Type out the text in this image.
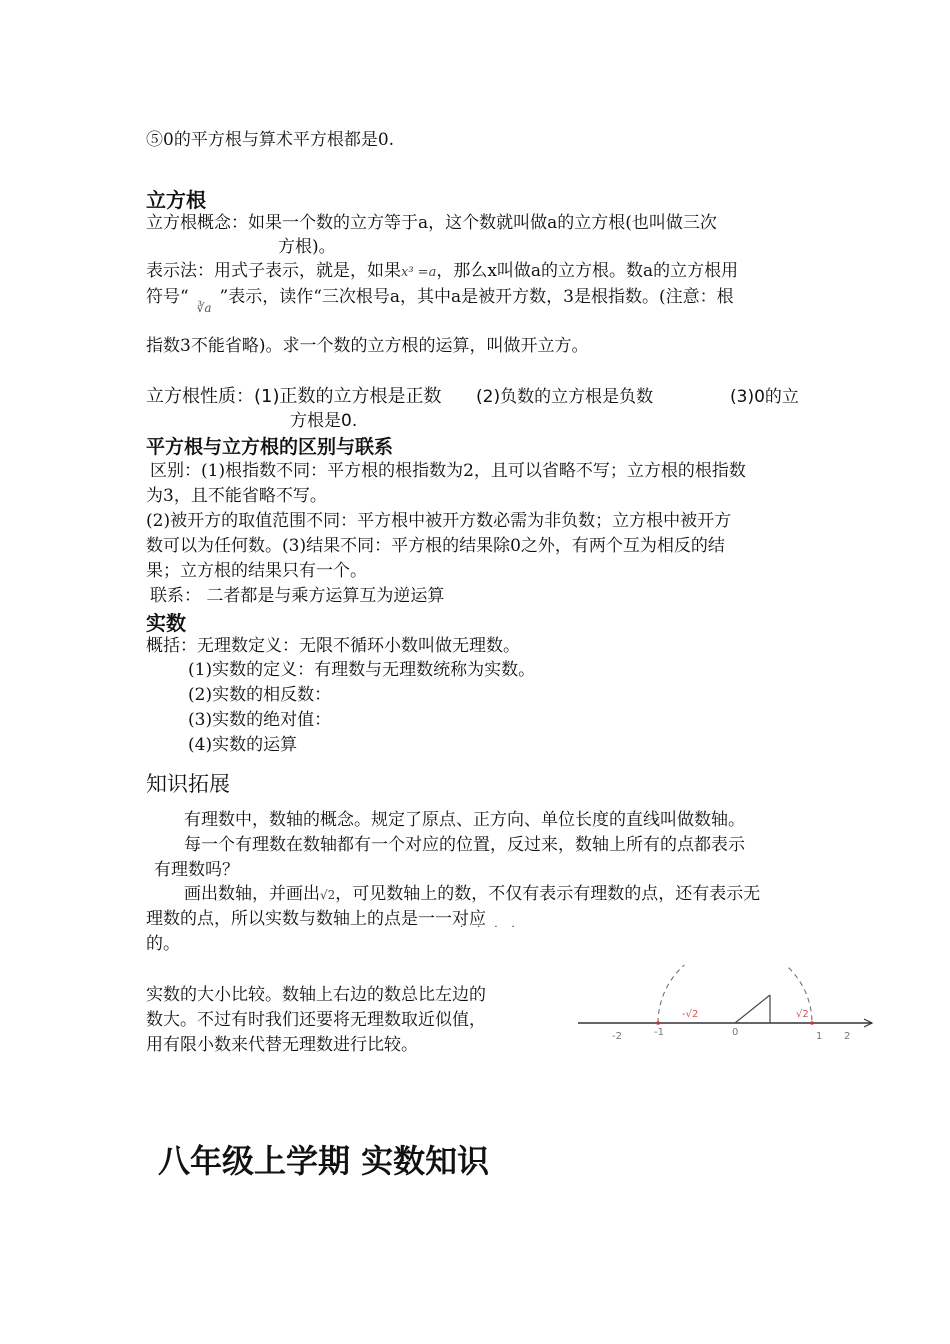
⑤0的平方根与算术平方根都是0.
立方根
立方根概念：如果一个数的立方等于a，这个数就叫做a的立方根(也叫做三次
方根)。
表示法：用式子表示，就是，如果x³ =a，那么x叫做a的立方根。数a的立方根用
符号“∛a”表示，读作“三次根号a，其中a是被开方数，3是根指数。(注意：根
指数3不能省略)。求一个数的立方根的运算，叫做开立方。
立方根性质：(1)正数的立方根是正数 (2)负数的立方根是负数	(3)0的立
方根是0.
平方根与立方根的区别与联系
区别：(1)根指数不同：平方根的根指数为2，且可以省略不写；立方根的根指数
为3，且不能省略不写。
(2)被开方的取值范围不同：平方根中被开方数必需为非负数；立方根中被开方
数可以为任何数。(3)结果不同：平方根的结果除0之外，有两个互为相反的结
果；立方根的结果只有一个。
联系： 二者都是与乘方运算互为逆运算
实数
概括：无理数定义：无限不循环小数叫做无理数。
(1)实数的定义：有理数与无理数统称为实数。
(2)实数的相反数：
(3)实数的绝对值：
(4)实数的运算
知识拓展
有理数中，数轴的概念。规定了原点、正方向、单位长度的直线叫做数轴。
每一个有理数在数轴都有一个对应的位置，反过来，数轴上所有的点都表示
有理数吗？
画出数轴，并画出√2，可见数轴上的数，不仅有表示有理数的点，还有表示无
理数的点，所以实数与数轴上的点是一一对应
····
的。
实数的大小比较。数轴上右边的数总比左边的
数大。不过有时我们还要将无理数取近似值，
用有限小数来代替无理数进行比较。	-2	-1	0	1 2
-√2	√2
八年级上学期 实数知识
